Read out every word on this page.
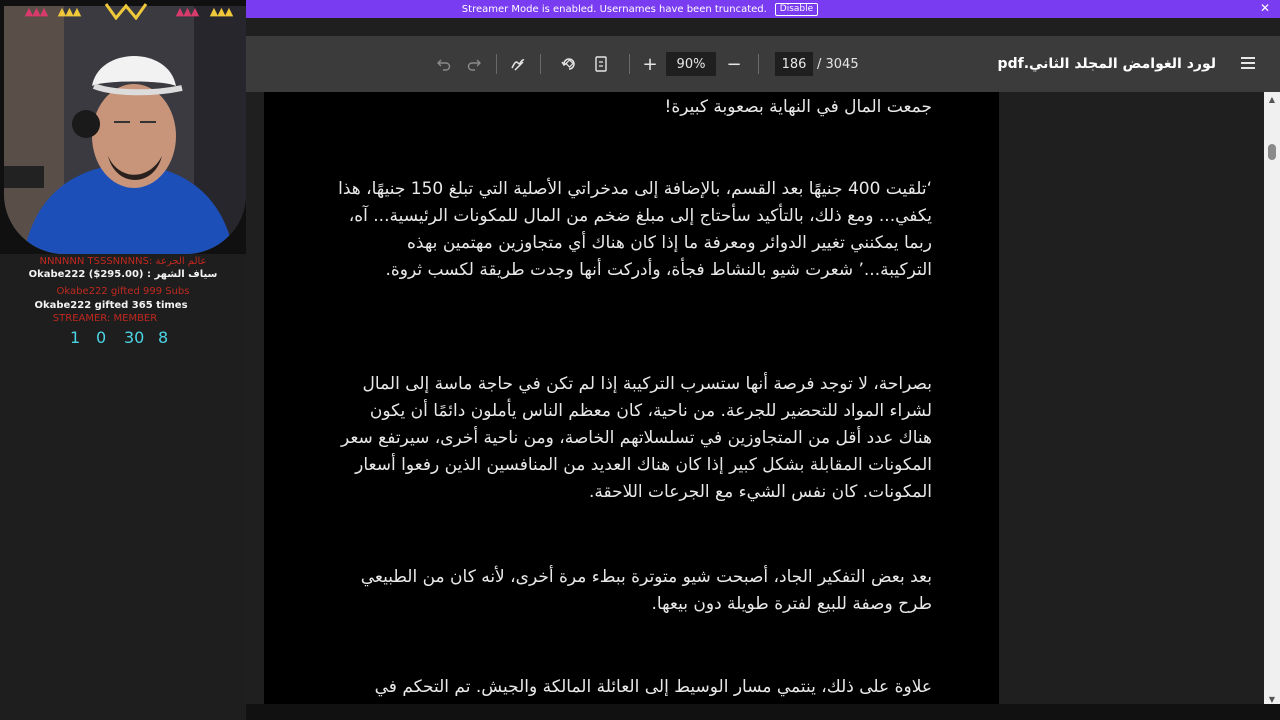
Streamer Mode is enabled. Usernames have been truncated.	Disable	✕
+	90%	−	186 / 3045	لورد الغوامض المجلد الثاني.pdf

جمعت المال في النهاية بصعوبة كبيرة!

‘تلقيت 400 جنيهًا بعد القسم، بالإضافة إلى مدخراتي الأصلية التي تبلغ 150 جنيهًا، هذا يكفي... ومع ذلك، بالتأكيد سأحتاج إلى مبلغ ضخم من المال للمكونات الرئيسية... آه، ربما يمكنني تغيير الدوائر ومعرفة ما إذا كان هناك أي متجاوزين مهتمين بهذه التركيبة...’ شعرت شيو بالنشاط فجأة، وأدركت أنها وجدت طريقة لكسب ثروة.

بصراحة، لا توجد فرصة أنها ستسرب التركيبة إذا لم تكن في حاجة ماسة إلى المال لشراء المواد للتحضير للجرعة. من ناحية، كان معظم الناس يأملون دائمًا أن يكون هناك عدد أقل من المتجاوزين في تسلسلاتهم الخاصة، ومن ناحية أخرى، سيرتفع سعر المكونات المقابلة بشكل كبير إذا كان هناك العديد من المنافسين الذين رفعوا أسعار المكونات. كان نفس الشيء مع الجرعات اللاحقة.

بعد بعض التفكير الجاد، أصبحت شيو متوترة ببطء مرة أخرى، لأنه كان من الطبيعي طرح وصفة للبيع لفترة طويلة دون بيعها.

علاوة على ذلك، ينتمي مسار الوسيط إلى العائلة المالكة والجيش. تم التحكم في

▲
▼
▲▲▲ ▲▲▲	▲▲▲	▲▲▲
NNNNNN TSSSNNNNS: عالم الجرعة
سياف الشهر : Okabe222 ($295.00)
Okabe222 gifted 999 Subs
Okabe222 gifted 365 times
STREAMER: MEMBER
1 0 30 8
